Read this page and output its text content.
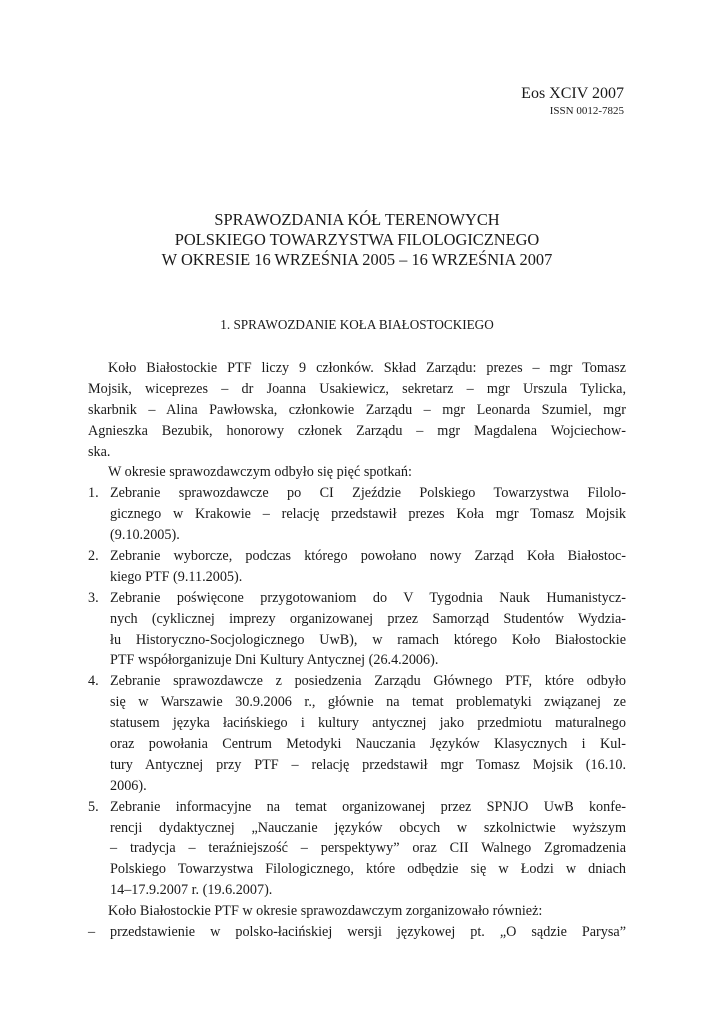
Eos XCIV 2007
ISSN 0012-7825
SPRAWOZDANIA KÓŁ TERENOWYCH
POLSKIEGO TOWARZYSTWA FILOLOGICZNEGO
W OKRESIE 16 WRZEŚNIA 2005 – 16 WRZEŚNIA 2007
1. SPRAWOZDANIE KOŁA BIAŁOSTOCKIEGO
Koło Białostockie PTF liczy 9 członków. Skład Zarządu: prezes – mgr Tomasz
Mojsik, wiceprezes – dr Joanna Usakiewicz, sekretarz – mgr Urszula Tylicka,
skarbnik – Alina Pawłowska, członkowie Zarządu – mgr Leonarda Szumiel, mgr
Agnieszka Bezubik, honorowy członek Zarządu – mgr Magdalena Wojciechow-
ska.
W okresie sprawozdawczym odbyło się pięć spotkań:
1. Zebranie sprawozdawcze po CI Zjeździe Polskiego Towarzystwa Filolo-
gicznego w Krakowie – relację przedstawił prezes Koła mgr Tomasz Mojsik
(9.10.2005).
2. Zebranie wyborcze, podczas którego powołano nowy Zarząd Koła Białostoc-
kiego PTF (9.11.2005).
3. Zebranie poświęcone przygotowaniom do V Tygodnia Nauk Humanistycz-
nych (cyklicznej imprezy organizowanej przez Samorząd Studentów Wydzia-
łu Historyczno-Socjologicznego UwB), w ramach którego Koło Białostockie
PTF współorganizuje Dni Kultury Antycznej (26.4.2006).
4. Zebranie sprawozdawcze z posiedzenia Zarządu Głównego PTF, które odbyło
się w Warszawie 30.9.2006 r., głównie na temat problematyki związanej ze
statusem języka łacińskiego i kultury antycznej jako przedmiotu maturalnego
oraz powołania Centrum Metodyki Nauczania Języków Klasycznych i Kul-
tury Antycznej przy PTF – relację przedstawił mgr Tomasz Mojsik (16.10.
2006).
5. Zebranie informacyjne na temat organizowanej przez SPNJO UwB konfe-
rencji dydaktycznej „Nauczanie języków obcych w szkolnictwie wyższym
– tradycja – teraźniejszość – perspektywy” oraz CII Walnego Zgromadzenia
Polskiego Towarzystwa Filologicznego, które odbędzie się w Łodzi w dniach
14–17.9.2007 r. (19.6.2007).
Koło Białostockie PTF w okresie sprawozdawczym zorganizowało również:
– przedstawienie w polsko-łacińskiej wersji językowej pt. „O sądzie Parysa”
